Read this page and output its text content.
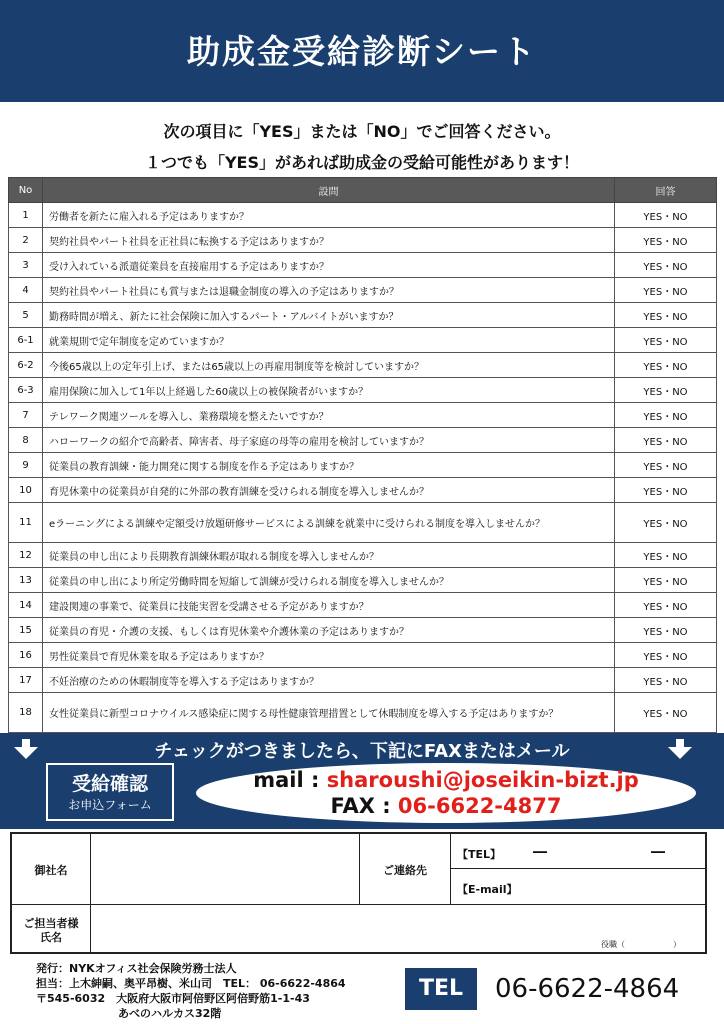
助成金受給診断シート
次の項目に「YES」または「NO」でご回答ください。
１つでも「YES」があれば助成金の受給可能性があります！
No	設問	回答
1	労働者を新たに雇入れる予定はありますか？	YES・NO
2	契約社員やパート社員を正社員に転換する予定はありますか？	YES・NO
3	受け入れている派遣従業員を直接雇用する予定はありますか？	YES・NO
4	契約社員やパート社員にも賞与または退職金制度の導入の予定はありますか？	YES・NO
5	勤務時間が増え、新たに社会保険に加入するパート・アルバイトがいますか？	YES・NO
6-1	就業規則で定年制度を定めていますか？	YES・NO
6-2	今後65歳以上の定年引上げ、または65歳以上の再雇用制度等を検討していますか？	YES・NO
6-3	雇用保険に加入して1年以上経過した60歳以上の被保険者がいますか？	YES・NO
7	テレワーク関連ツールを導入し、業務環境を整えたいですか？	YES・NO
8	ハローワークの紹介で高齢者、障害者、母子家庭の母等の雇用を検討していますか？	YES・NO
9	従業員の教育訓練・能力開発に関する制度を作る予定はありますか？	YES・NO
10	育児休業中の従業員が自発的に外部の教育訓練を受けられる制度を導入しませんか？	YES・NO
11	eラーニングによる訓練や定額受け放題研修サービスによる訓練を就業中に受けられる制度を導入しませんか？	YES・NO
12	従業員の申し出により長期教育訓練休暇が取れる制度を導入しませんか？	YES・NO
13	従業員の申し出により所定労働時間を短縮して訓練が受けられる制度を導入しませんか？	YES・NO
14	建設関連の事業で、従業員に技能実習を受講させる予定がありますか？	YES・NO
15	従業員の育児・介護の支援、もしくは育児休業や介護休業の予定はありますか？	YES・NO
16	男性従業員で育児休業を取る予定はありますか？	YES・NO
17	不妊治療のための休暇制度等を導入する予定はありますか？	YES・NO
18	女性従業員に新型コロナウイルス感染症に関する母性健康管理措置として休暇制度を導入する予定はありますか？	YES・NO
チェックがつきましたら、下記にFAXまたはメール
受給確認
お申込フォーム
mail : sharoushi@joseikin-bizt.jp
FAX : 06-6622-4877
御社名	ご連絡先
【TEL】 ―	―
【E-mail】
ご担当者様
氏名
役職（　　　　　　）
発行：NYKオフィス社会保険労務士法人
担当：上木紳嗣、奥平昂樹、米山司　TEL： 06-6622-4864
〒545-6032　大阪府大阪市阿倍野区阿倍野筋1-1-43
あべのハルカス32階
TEL	06-6622-4864
